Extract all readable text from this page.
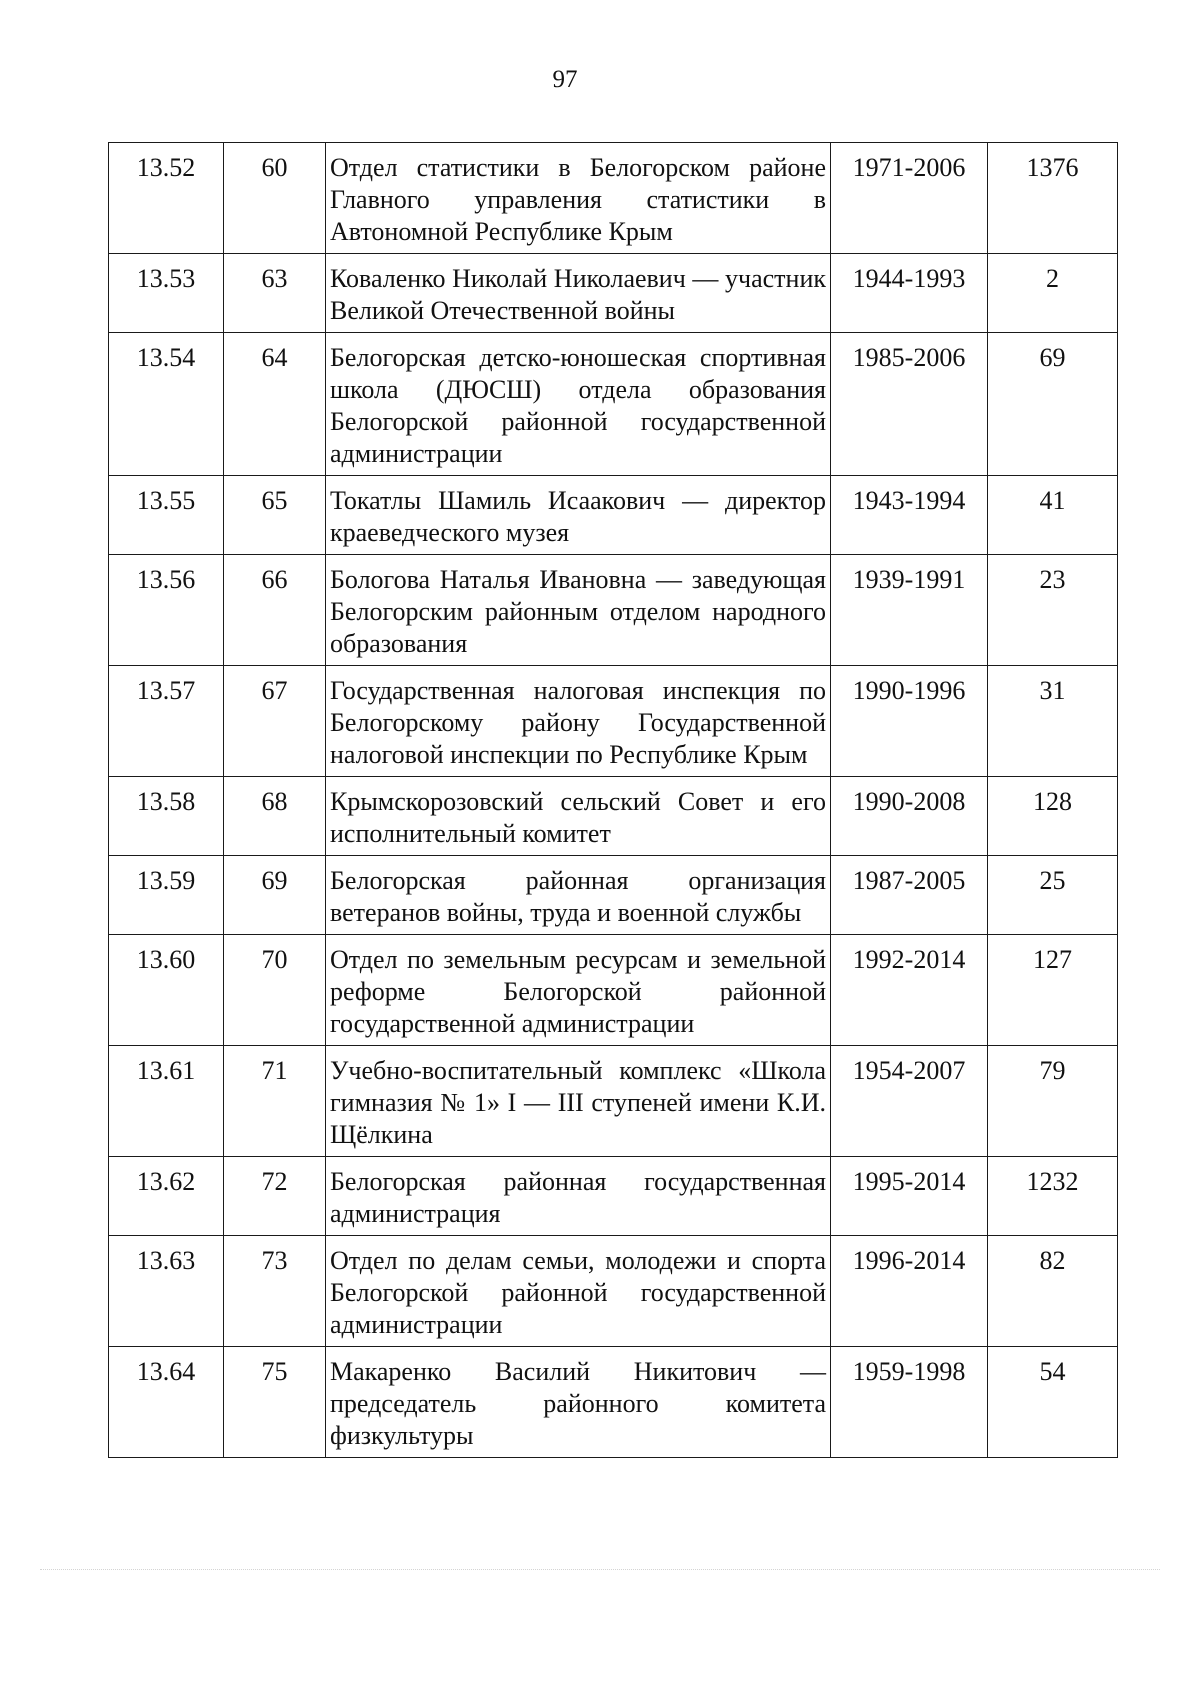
97
13.52	60	Отдел статистики в Белогорском районе Главного управления статистики в Автономной Республике Крым	1971-2006	1376
13.53	63	Коваленко Николай Николаевич — участник Великой Отечественной войны	1944-1993	2
13.54	64	Белогорская детско-юношеская спортивная школа (ДЮСШ) отдела образования Белогорской районной государственной администрации	1985-2006	69
13.55	65	Токатлы Шамиль Исаакович — директор краеведческого музея	1943-1994	41
13.56	66	Бологова Наталья Ивановна — заведующая Белогорским районным отделом народного образования	1939-1991	23
13.57	67	Государственная налоговая инспекция по Белогорскому району Государственной налоговой инспекции по Республике Крым	1990-1996	31
13.58	68	Крымскорозовский сельский Совет и его исполнительный комитет	1990-2008	128
13.59	69	Белогорская районная организация ветеранов войны, труда и военной службы	1987-2005	25
13.60	70	Отдел по земельным ресурсам и земельной реформе Белогорской районной государственной администрации	1992-2014	127
13.61	71	Учебно-воспитательный комплекс «Школа гимназия № 1» I — III ступеней имени К.И. Щёлкина	1954-2007	79
13.62	72	Белогорская районная государственная администрация	1995-2014	1232
13.63	73	Отдел по делам семьи, молодежи и спорта Белогорской районной государственной администрации	1996-2014	82
13.64	75	Макаренко Василий Никитович — председатель районного комитета физкультуры	1959-1998	54
